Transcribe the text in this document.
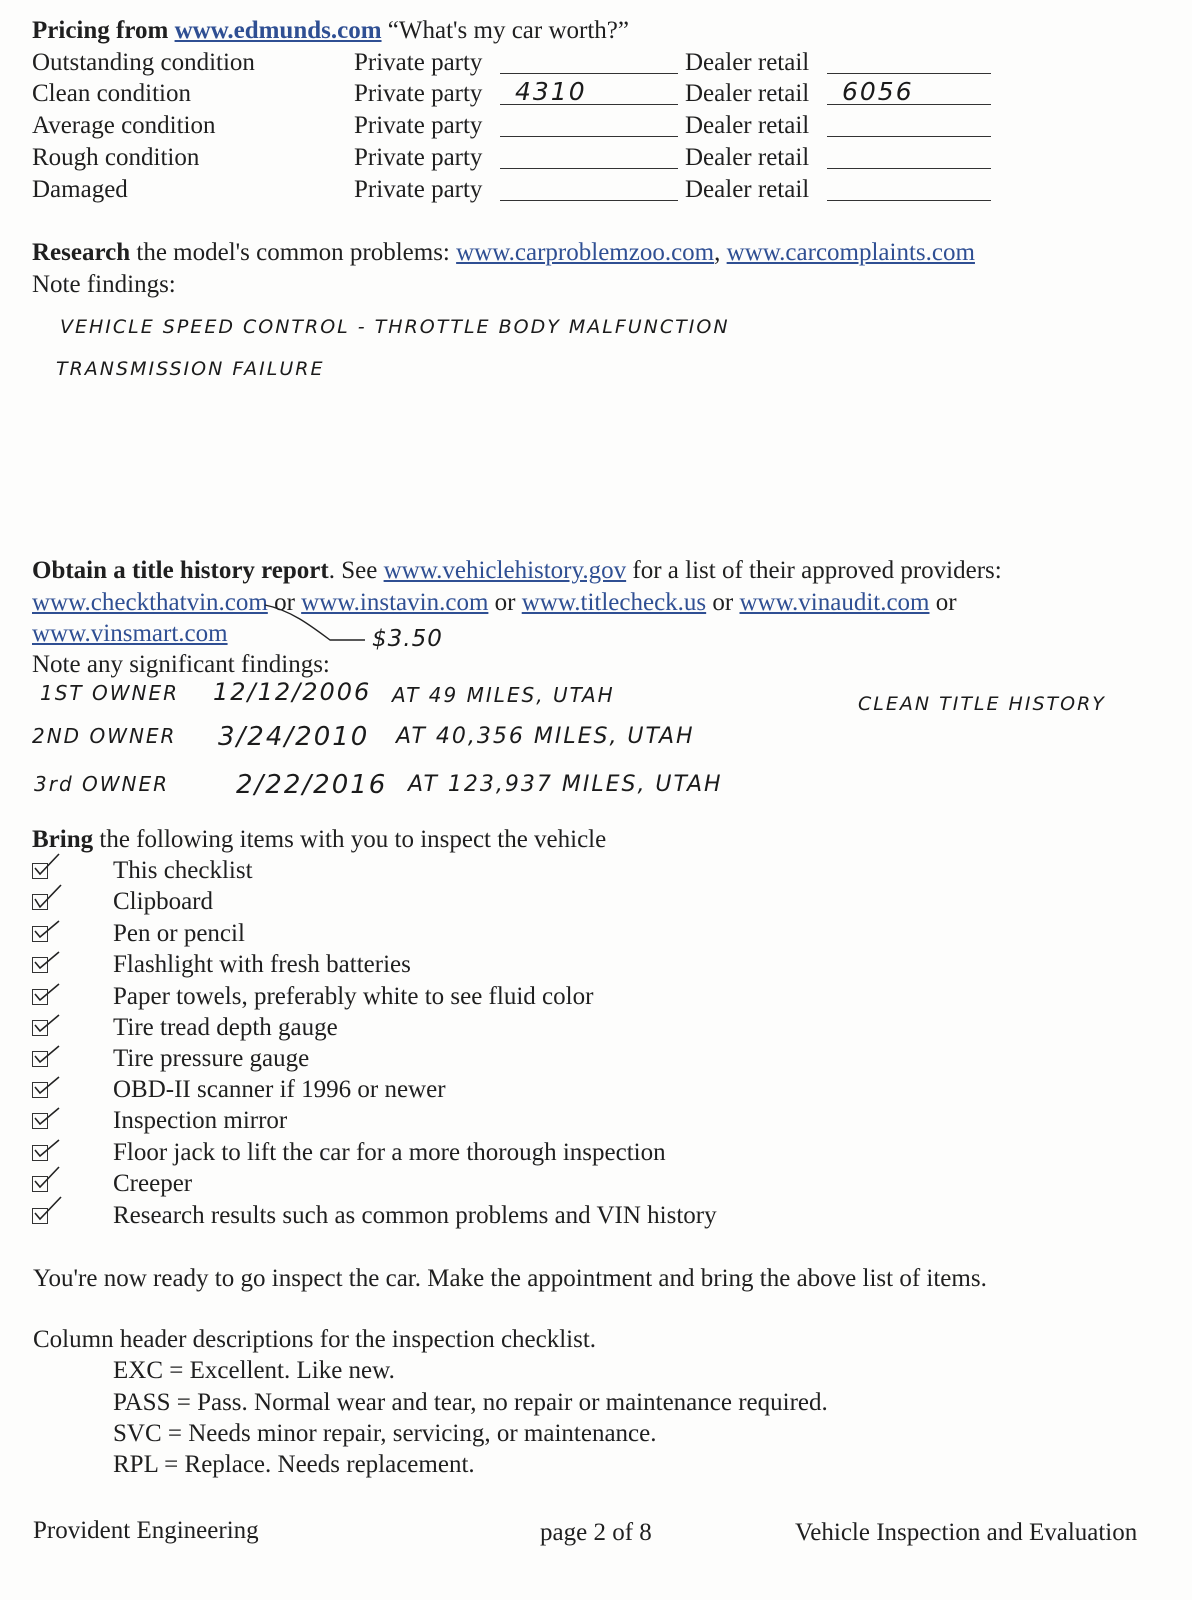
Pricing from www.edmunds.com “What's my car worth?”
Outstanding condition	Private party	Dealer retail
Clean condition	Private party 4310	Dealer retail 6056
Average condition	Private party	Dealer retail
Rough condition	Private party	Dealer retail
Damaged	Private party	Dealer retail
Research the model's common problems: www.carproblemzoo.com, www.carcomplaints.com
Note findings:
VEHICLE SPEED CONTROL - THROTTLE BODY MALFUNCTION
TRANSMISSION FAILURE
Obtain a title history report. See www.vehiclehistory.gov for a list of their approved providers:
www.checkthatvin.com or www.instavin.com or www.titlecheck.us or www.vinaudit.com or
www.vinsmart.com	$3.50
Note any significant findings:
1ST OWNER 12/12/2006 AT 49 MILES, UTAH
2ND OWNER 3/24/2010 AT 40,356 MILES, UTAH
3rd OWNER	2/22/2016 AT 123,937 MILES, UTAH
CLEAN TITLE HISTORY
Bring the following items with you to inspect the vehicle
This checklist
Clipboard
Pen or pencil
Flashlight with fresh batteries
Paper towels, preferably white to see fluid color
Tire tread depth gauge
Tire pressure gauge
OBD-II scanner if 1996 or newer
Inspection mirror
Floor jack to lift the car for a more thorough inspection
Creeper
Research results such as common problems and VIN history
You're now ready to go inspect the car. Make the appointment and bring the above list of items.
Column header descriptions for the inspection checklist.
EXC = Excellent. Like new.
PASS = Pass. Normal wear and tear, no repair or maintenance required.
SVC = Needs minor repair, servicing, or maintenance.
RPL = Replace. Needs replacement.
Provident Engineering	page 2 of 8	Vehicle Inspection and Evaluation
